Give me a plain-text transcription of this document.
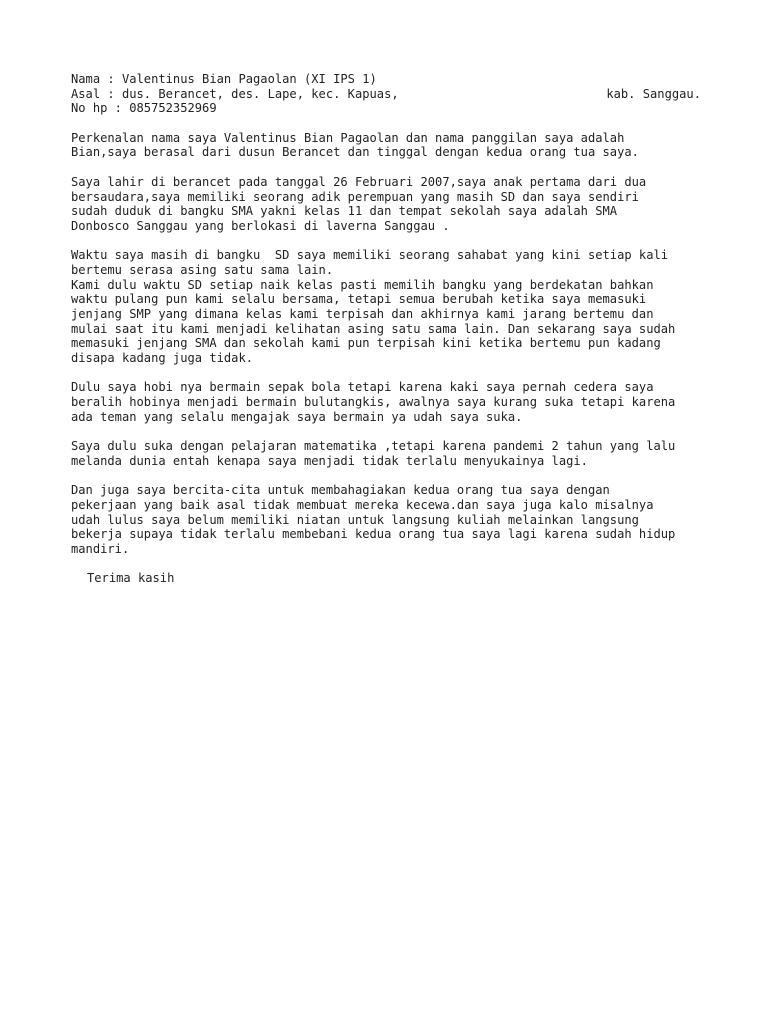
Nama : Valentinus Bian Pagaolan (XI IPS 1)
Asal : dus. Berancet, des. Lape, kec. Kapuas,	kab. Sanggau.
No hp : 085752352969
Perkenalan nama saya Valentinus Bian Pagaolan dan nama panggilan saya adalah
Bian,saya berasal dari dusun Berancet dan tinggal dengan kedua orang tua saya.
Saya lahir di berancet pada tanggal 26 Februari 2007,saya anak pertama dari dua
bersaudara,saya memiliki seorang adik perempuan yang masih SD dan saya sendiri
sudah duduk di bangku SMA yakni kelas 11 dan tempat sekolah saya adalah SMA
Donbosco Sanggau yang berlokasi di laverna Sanggau .
Waktu saya masih di bangku  SD saya memiliki seorang sahabat yang kini setiap kali
bertemu serasa asing satu sama lain.
Kami dulu waktu SD setiap naik kelas pasti memilih bangku yang berdekatan bahkan
waktu pulang pun kami selalu bersama, tetapi semua berubah ketika saya memasuki
jenjang SMP yang dimana kelas kami terpisah dan akhirnya kami jarang bertemu dan
mulai saat itu kami menjadi kelihatan asing satu sama lain. Dan sekarang saya sudah
memasuki jenjang SMA dan sekolah kami pun terpisah kini ketika bertemu pun kadang
disapa kadang juga tidak.
Dulu saya hobi nya bermain sepak bola tetapi karena kaki saya pernah cedera saya
beralih hobinya menjadi bermain bulutangkis, awalnya saya kurang suka tetapi karena
ada teman yang selalu mengajak saya bermain ya udah saya suka.
Saya dulu suka dengan pelajaran matematika ,tetapi karena pandemi 2 tahun yang lalu
melanda dunia entah kenapa saya menjadi tidak terlalu menyukainya lagi.
Dan juga saya bercita-cita untuk membahagiakan kedua orang tua saya dengan
pekerjaan yang baik asal tidak membuat mereka kecewa.dan saya juga kalo misalnya
udah lulus saya belum memiliki niatan untuk langsung kuliah melainkan langsung
bekerja supaya tidak terlalu membebani kedua orang tua saya lagi karena sudah hidup
mandiri.
Terima kasih
